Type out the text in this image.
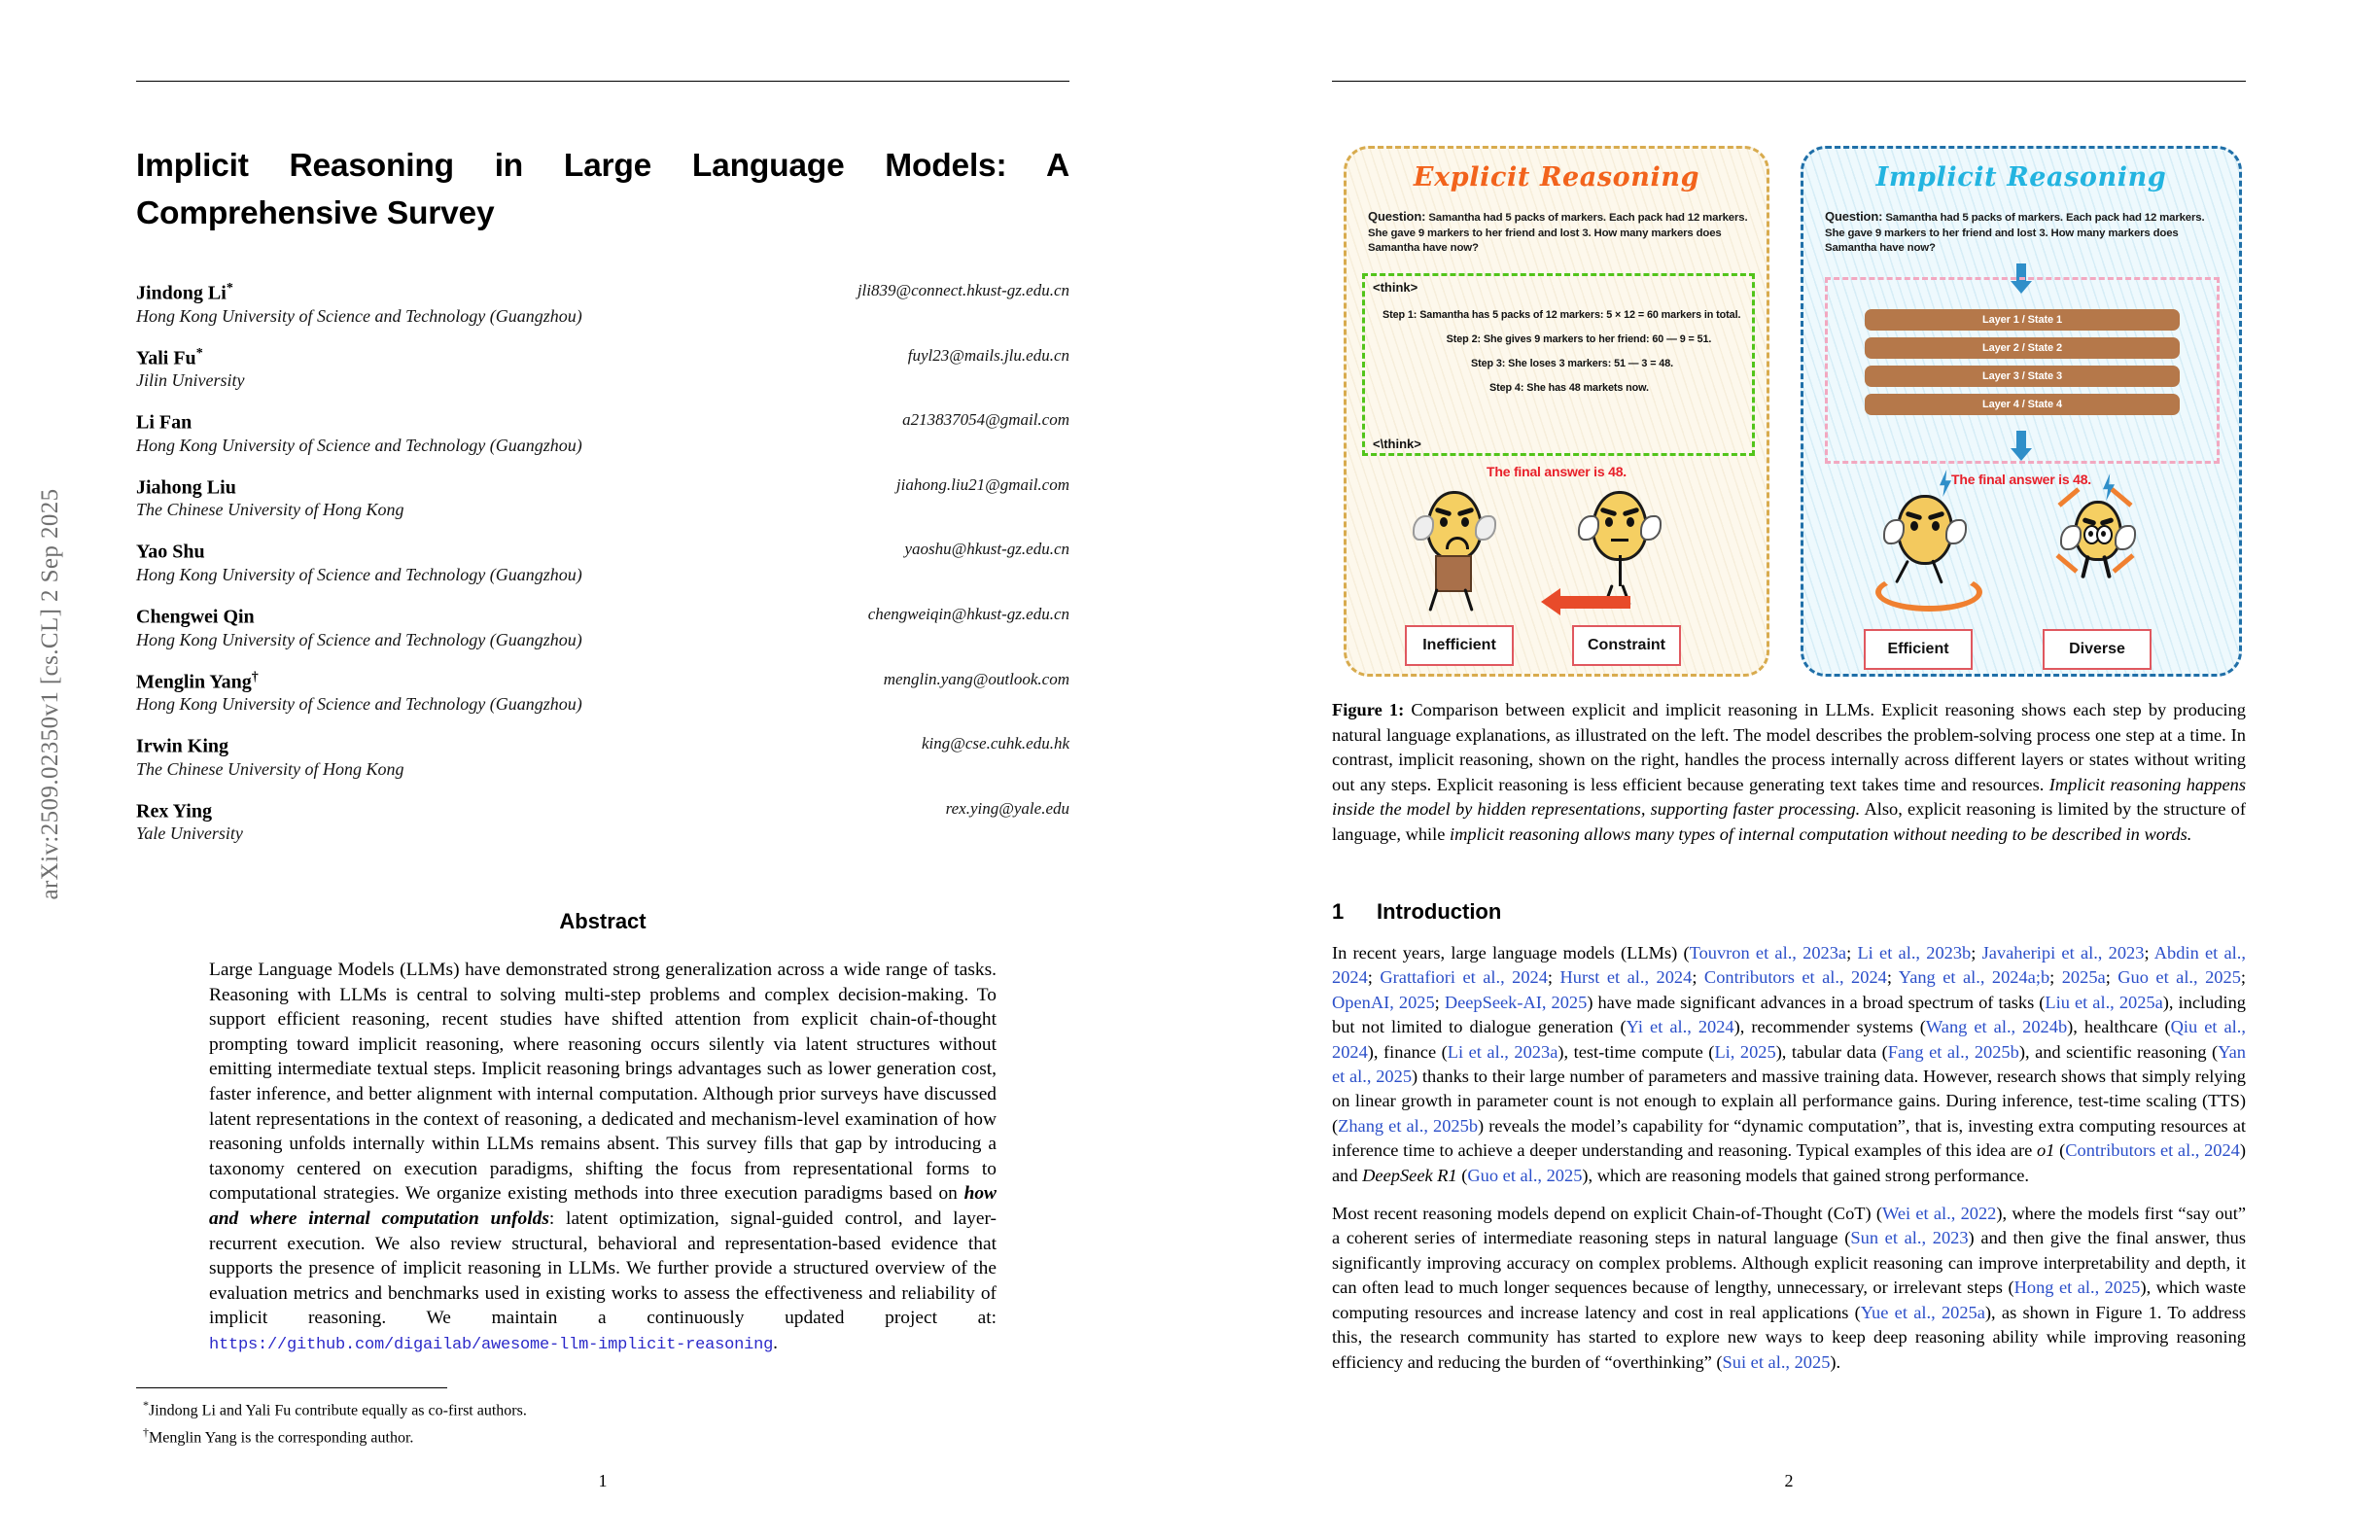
arXiv:2509.02350v1 [cs.CL] 2 Sep 2025
Implicit Reasoning in Large Language Models: A Comprehensive Survey
Jindong Li*
Hong Kong University of Science and Technology (Guangzhou)
jli839@connect.hkust-gz.edu.cn
Yali Fu*
Jilin University
fuyl23@mails.jlu.edu.cn
Li Fan
Hong Kong University of Science and Technology (Guangzhou)
a213837054@gmail.com
Jiahong Liu
The Chinese University of Hong Kong
jiahong.liu21@gmail.com
Yao Shu
Hong Kong University of Science and Technology (Guangzhou)
yaoshu@hkust-gz.edu.cn
Chengwei Qin
Hong Kong University of Science and Technology (Guangzhou)
chengweiqin@hkust-gz.edu.cn
Menglin Yang†
Hong Kong University of Science and Technology (Guangzhou)
menglin.yang@outlook.com
Irwin King
The Chinese University of Hong Kong
king@cse.cuhk.edu.hk
Rex Ying
Yale University
rex.ying@yale.edu
Abstract
Large Language Models (LLMs) have demonstrated strong generalization across a wide range of tasks. Reasoning with LLMs is central to solving multi-step problems and complex decision-making. To support efficient reasoning, recent studies have shifted attention from explicit chain-of-thought prompting toward implicit reasoning, where reasoning occurs silently via latent structures without emitting intermediate textual steps. Implicit reasoning brings advantages such as lower generation cost, faster inference, and better alignment with internal computation. Although prior surveys have discussed latent representations in the context of reasoning, a dedicated and mechanism-level examination of how reasoning unfolds internally within LLMs remains absent. This survey fills that gap by introducing a taxonomy centered on execution paradigms, shifting the focus from representational forms to computational strategies. We organize existing methods into three execution paradigms based on how and where internal computation unfolds: latent optimization, signal-guided control, and layer-recurrent execution. We also review structural, behavioral and representation-based evidence that supports the presence of implicit reasoning in LLMs. We further provide a structured overview of the evaluation metrics and benchmarks used in existing works to assess the effectiveness and reliability of implicit reasoning. We maintain a continuously updated project at: https://github.com/digailab/awesome-llm-implicit-reasoning.
*Jindong Li and Yali Fu contribute equally as co-first authors.
†Menglin Yang is the corresponding author.
1
Explicit Reasoning
Question: Samantha had 5 packs of markers. Each pack had 12 markers. She gave 9 markers to her friend and lost 3. How many markers does Samantha have now?
<think>
Step 1: Samantha has 5 packs of 12 markers: 5 × 12 = 60 markers in total.
Step 2: She gives 9 markers to her friend: 60 — 9 = 51.
Step 3: She loses 3 markers: 51 — 3 = 48.
Step 4: She has 48 markets now.
<\think>
The final answer is 48.
Inefficient	Constraint
Implicit Reasoning
Question: Samantha had 5 packs of markers. Each pack had 12 markers. She gave 9 markers to her friend and lost 3. How many markers does Samantha have now?
Layer 1 / State 1
Layer 2 / State 2
Layer 3 / State 3
Layer 4 / State 4
The final answer is 48.
Efficient	Diverse
Figure 1: Comparison between explicit and implicit reasoning in LLMs. Explicit reasoning shows each step by producing natural language explanations, as illustrated on the left. The model describes the problem-solving process one step at a time. In contrast, implicit reasoning, shown on the right, handles the process internally across different layers or states without writing out any steps. Explicit reasoning is less efficient because generating text takes time and resources. Implicit reasoning happens inside the model by hidden representations, supporting faster processing. Also, explicit reasoning is limited by the structure of language, while implicit reasoning allows many types of internal computation without needing to be described in words.
1 Introduction

In recent years, large language models (LLMs) (Touvron et al., 2023a; Li et al., 2023b; Javaheripi et al., 2023; Abdin et al., 2024; Grattafiori et al., 2024; Hurst et al., 2024; Contributors et al., 2024; Yang et al., 2024a;b; 2025a; Guo et al., 2025; OpenAI, 2025; DeepSeek-AI, 2025) have made significant advances in a broad spectrum of tasks (Liu et al., 2025a), including but not limited to dialogue generation (Yi et al., 2024), recommender systems (Wang et al., 2024b), healthcare (Qiu et al., 2024), finance (Li et al., 2023a), test-time compute (Li, 2025), tabular data (Fang et al., 2025b), and scientific reasoning (Yan et al., 2025) thanks to their large number of parameters and massive training data. However, research shows that simply relying on linear growth in parameter count is not enough to explain all performance gains. During inference, test-time scaling (TTS) (Zhang et al., 2025b) reveals the model’s capability for “dynamic computation”, that is, investing extra computing resources at inference time to achieve a deeper understanding and reasoning. Typical examples of this idea are o1 (Contributors et al., 2024) and DeepSeek R1 (Guo et al., 2025), which are reasoning models that gained strong performance.

Most recent reasoning models depend on explicit Chain-of-Thought (CoT) (Wei et al., 2022), where the models first “say out” a coherent series of intermediate reasoning steps in natural language (Sun et al., 2023) and then give the final answer, thus significantly improving accuracy on complex problems. Although explicit reasoning can improve interpretability and depth, it can often lead to much longer sequences because of lengthy, unnecessary, or irrelevant steps (Hong et al., 2025), which waste computing resources and increase latency and cost in real applications (Yue et al., 2025a), as shown in Figure 1. To address this, the research community has started to explore new ways to keep deep reasoning ability while improving reasoning efficiency and reducing the burden of “overthinking” (Sui et al., 2025).

2
